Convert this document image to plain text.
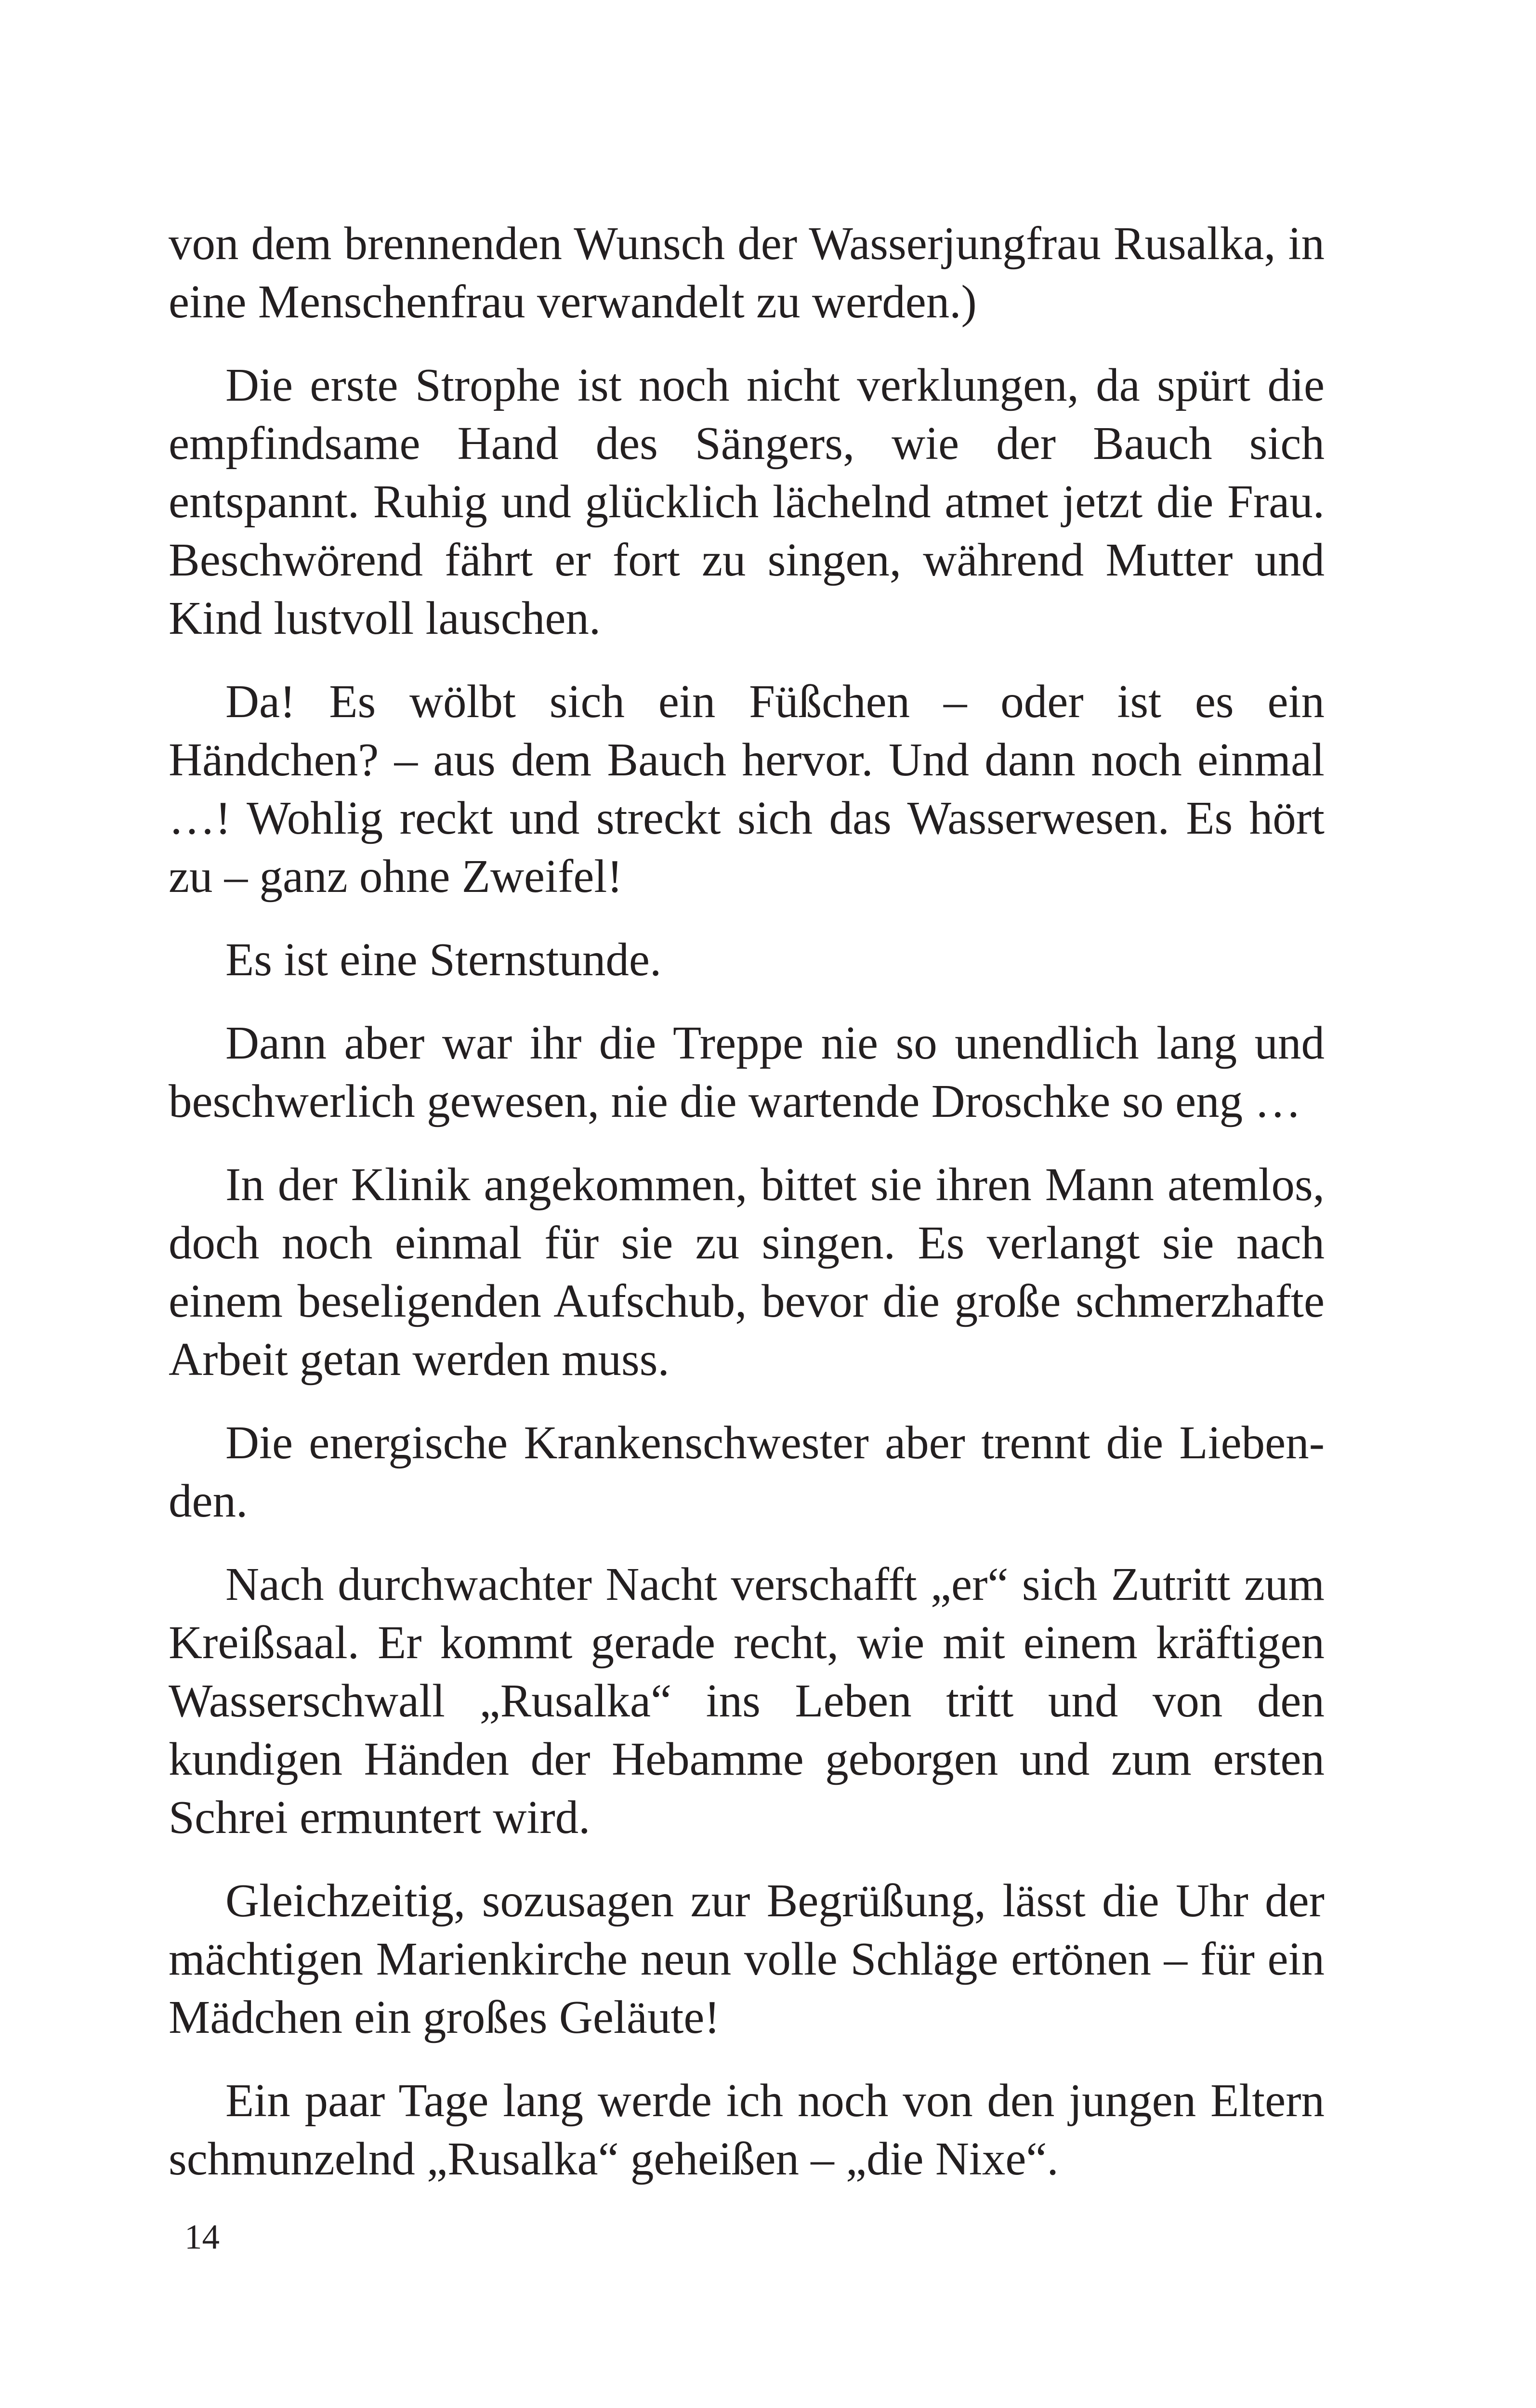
von dem brennenden Wunsch der Wasserjungfrau Rusalka, in eine Menschenfrau verwandelt zu werden.)

Die erste Strophe ist noch nicht verklungen, da spürt die empfindsame Hand des Sängers, wie der Bauch sich entspannt. Ruhig und glücklich lächelnd atmet jetzt die Frau. Beschwörend fährt er fort zu singen, während Mutter und Kind lustvoll lauschen.

Da! Es wölbt sich ein Füßchen – oder ist es ein Händchen? – aus dem Bauch hervor. Und dann noch einmal …! Wohlig reckt und streckt sich das Wasserwesen. Es hört zu – ganz ohne Zweifel!

Es ist eine Sternstunde.

Dann aber war ihr die Treppe nie so unendlich lang und beschwerlich gewesen, nie die wartende Droschke so eng …

In der Klinik angekommen, bittet sie ihren Mann atemlos, doch noch einmal für sie zu singen. Es verlangt sie nach einem beseligenden Aufschub, bevor die große schmerzhafte Arbeit getan werden muss.

Die energische Krankenschwester aber trennt die Liebenden.

Nach durchwachter Nacht verschafft „er“ sich Zutritt zum Kreißsaal. Er kommt gerade recht, wie mit einem kräftigen Wasserschwall „Rusalka“ ins Leben tritt und von den kundigen Händen der Hebamme geborgen und zum ersten Schrei ermuntert wird.

Gleichzeitig, sozusagen zur Begrüßung, lässt die Uhr der mächtigen Marienkirche neun volle Schläge ertönen – für ein Mädchen ein großes Geläute!

Ein paar Tage lang werde ich noch von den jungen Eltern schmunzelnd „Rusalka“ geheißen – „die Nixe“.

14
